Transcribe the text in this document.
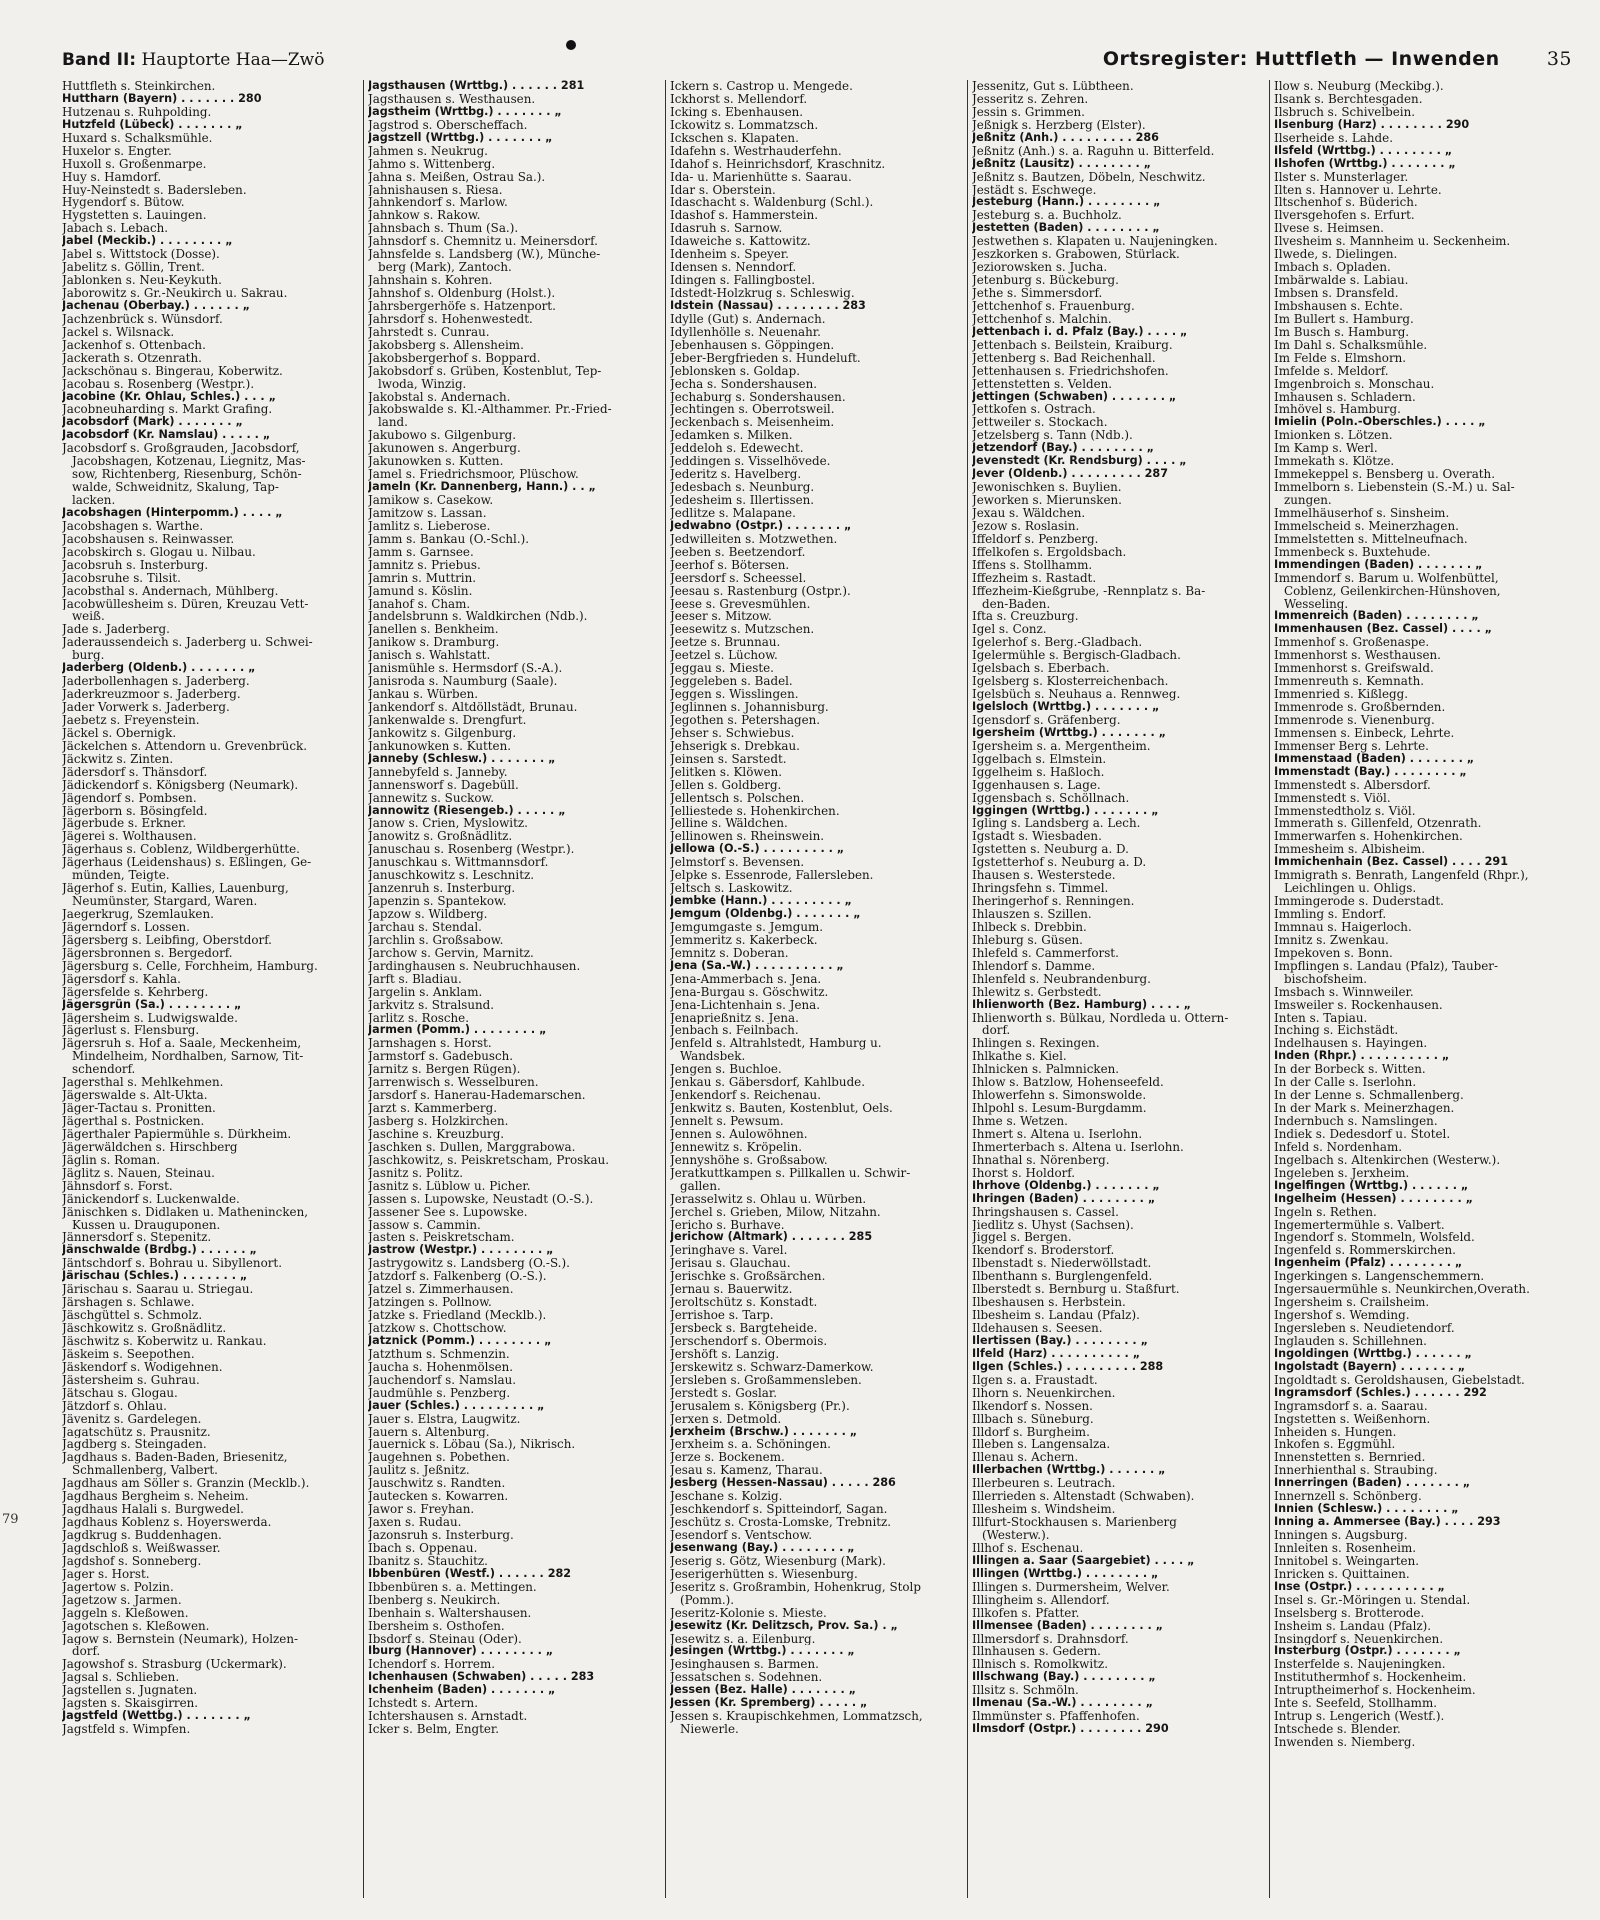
Band II: Hauptorte Haa—Zwö	Ortsregister: Huttfleth — Inwenden 35
79
Huttfleth s. Steinkirchen.
Huttharn (Bayern) . . . . . . . 280
Hutzenau s. Ruhpolding.
Hutzfeld (Lübeck) . . . . . . . „
Huxard s. Schalksmühle.
Huxelor s. Engter.
Huxoll s. Großenmarpe.
Huy s. Hamdorf.
Huy-Neinstedt s. Badersleben.
Hygendorf s. Bütow.
Hygstetten s. Lauingen.
Jabach s. Lebach.
Jabel (Meckib.) . . . . . . . . „
Jabel s. Wittstock (Dosse).
Jabelitz s. Göllin, Trent.
Jablonken s. Neu-Keykuth.
Jaborowitz s. Gr.-Neukirch u. Sakrau.
Jachenau (Oberbay.) . . . . . . „
Jachzenbrück s. Wünsdorf.
Jackel s. Wilsnack.
Jackenhof s. Ottenbach.
Jackerath s. Otzenrath.
Jackschönau s. Bingerau, Koberwitz.
Jacobau s. Rosenberg (Westpr.).
Jacobine (Kr. Ohlau, Schles.) . . . „
Jacobneuharding s. Markt Grafing.
Jacobsdorf (Mark) . . . . . . . „
Jacobsdorf (Kr. Namslau) . . . . . „
Jacobsdorf s. Großgrauden, Jacobsdorf,
Jacobshagen, Kotzenau, Liegnitz, Mas-
sow, Richtenberg, Riesenburg, Schön-
walde, Schweidnitz, Skalung, Tap-
lacken.
Jacobshagen (Hinterpomm.) . . . . „
Jacobshagen s. Warthe.
Jacobshausen s. Reinwasser.
Jacobskirch s. Glogau u. Nilbau.
Jacobsruh s. Insterburg.
Jacobsruhe s. Tilsit.
Jacobsthal s. Andernach, Mühlberg.
Jacobwüllesheim s. Düren, Kreuzau Vett-
weiß.
Jade s. Jaderberg.
Jaderaussendeich s. Jaderberg u. Schwei-
burg.
Jaderberg (Oldenb.) . . . . . . . „
Jaderbollenhagen s. Jaderberg.
Jaderkreuzmoor s. Jaderberg.
Jader Vorwerk s. Jaderberg.
Jaebetz s. Freyenstein.
Jäckel s. Obernigk.
Jäckelchen s. Attendorn u. Grevenbrück.
Jäckwitz s. Zinten.
Jädersdorf s. Thänsdorf.
Jädickendorf s. Königsberg (Neumark).
Jägendorf s. Pombsen.
Jägerborn s. Bösingfeld.
Jägerbude s. Erkner.
Jägerei s. Wolthausen.
Jägerhaus s. Coblenz, Wildbergerhütte.
Jägerhaus (Leidenshaus) s. Eßlingen, Ge-
münden, Teigte.
Jägerhof s. Eutin, Kallies, Lauenburg,
Neumünster, Stargard, Waren.
Jaegerkrug, Szemlauken.
Jägerndorf s. Lossen.
Jägersberg s. Leibfing, Oberstdorf.
Jägersbronnen s. Bergedorf.
Jägersburg s. Celle, Forchheim, Hamburg.
Jägersdorf s. Kahla.
Jägersfelde s. Kehrberg.
Jägersgrün (Sa.) . . . . . . . . „
Jägersheim s. Ludwigswalde.
Jägerlust s. Flensburg.
Jägersruh s. Hof a. Saale, Meckenheim,
Mindelheim, Nordhalben, Sarnow, Tit-
schendorf.
Jagersthal s. Mehlkehmen.
Jägerswalde s. Alt-Ukta.
Jäger-Tactau s. Pronitten.
Jägerthal s. Postnicken.
Jägerthaler Papiermühle s. Dürkheim.
Jägerwäldchen s. Hirschberg
Jäglin s. Roman.
Jäglitz s. Nauen, Steinau.
Jähnsdorf s. Forst.
Jänickendorf s. Luckenwalde.
Jänischken s. Didlaken u. Mathenincken,
Kussen u. Drauguponen.
Jännersdorf s. Stepenitz.
Jänschwalde (Brdbg.) . . . . . . „
Jäntschdorf s. Bohrau u. Sibyllenort.
Järischau (Schles.) . . . . . . . „
Järischau s. Saarau u. Striegau.
Järshagen s. Schlawe.
Jäschgüttel s. Schmolz.
Jäschkowitz s. Großnädlitz.
Jäschwitz s. Koberwitz u. Rankau.
Jäskeim s. Seepothen.
Jäskendorf s. Wodigehnen.
Jästersheim s. Guhrau.
Jätschau s. Glogau.
Jätzdorf s. Ohlau.
Jävenitz s. Gardelegen.
Jagatschütz s. Prausnitz.
Jagdberg s. Steingaden.
Jagdhaus s. Baden-Baden, Briesenitz,
Schmallenberg, Valbert.
Jagdhaus am Söller s. Granzin (Mecklb.).
Jagdhaus Bergheim s. Neheim.
Jagdhaus Halali s. Burgwedel.
Jagdhaus Koblenz s. Hoyerswerda.
Jagdkrug s. Buddenhagen.
Jagdschloß s. Weißwasser.
Jagdshof s. Sonneberg.
Jager s. Horst.
Jagertow s. Polzin.
Jagetzow s. Jarmen.
Jaggeln s. Kleßowen.
Jagotschen s. Kleßowen.
Jagow s. Bernstein (Neumark), Holzen-
dorf.
Jagowshof s. Strasburg (Uckermark).
Jagsal s. Schlieben.
Jagstellen s. Jugnaten.
Jagsten s. Skaisgirren.
Jagstfeld (Wettbg.) . . . . . . . „
Jagstfeld s. Wimpfen.
Jagsthausen (Wrttbg.) . . . . . . 281
Jagsthausen s. Westhausen.
Jagstheim (Wrttbg.) . . . . . . . „
Jagstrod s. Oberscheffach.
Jagstzell (Wrttbg.) . . . . . . . „
Jahmen s. Neukrug.
Jahmo s. Wittenberg.
Jahna s. Meißen, Ostrau Sa.).
Jahnishausen s. Riesa.
Jahnkendorf s. Marlow.
Jahnkow s. Rakow.
Jahnsbach s. Thum (Sa.).
Jahnsdorf s. Chemnitz u. Meinersdorf.
Jahnsfelde s. Landsberg (W.), Münche-
berg (Mark), Zantoch.
Jahnshain s. Kohren.
Jahnshof s. Oldenburg (Holst.).
Jahrsbergerhöfe s. Hatzenport.
Jahrsdorf s. Hohenwestedt.
Jahrstedt s. Cunrau.
Jakobsberg s. Allensheim.
Jakobsbergerhof s. Boppard.
Jakobsdorf s. Grüben, Kostenblut, Tep-
lwoda, Winzig.
Jakobstal s. Andernach.
Jakobswalde s. Kl.-Althammer. Pr.-Fried-
land.
Jakubowo s. Gilgenburg.
Jakunowen s. Angerburg.
Jakunowken s. Kutten.
Jamel s. Friedrichsmoor, Plüschow.
Jameln (Kr. Dannenberg, Hann.) . . „
Jamikow s. Casekow.
Jamitzow s. Lassan.
Jamlitz s. Lieberose.
Jamm s. Bankau (O.-Schl.).
Jamm s. Garnsee.
Jamnitz s. Priebus.
Jamrin s. Muttrin.
Jamund s. Köslin.
Janahof s. Cham.
Jandelsbrunn s. Waldkirchen (Ndb.).
Janellen s. Benkheim.
Janikow s. Dramburg.
Janisch s. Wahlstatt.
Janismühle s. Hermsdorf (S.-A.).
Janisroda s. Naumburg (Saale).
Jankau s. Würben.
Jankendorf s. Altdöllstädt, Brunau.
Jankenwalde s. Drengfurt.
Jankowitz s. Gilgenburg.
Jankunowken s. Kutten.
Janneby (Schlesw.) . . . . . . . „
Jannebyfeld s. Janneby.
Jannensworf s. Dagebüll.
Jannewitz s. Suckow.
Jannowitz (Riesengeb.) . . . . . „
Janow s. Crien, Myslowitz.
Janowitz s. Großnädlitz.
Januschau s. Rosenberg (Westpr.).
Januschkau s. Wittmannsdorf.
Januschkowitz s. Leschnitz.
Janzenruh s. Insterburg.
Japenzin s. Spantekow.
Japzow s. Wildberg.
Jarchau s. Stendal.
Jarchlin s. Großsabow.
Jarchow s. Gervin, Marnitz.
Jardinghausen s. Neubruchhausen.
Jarft s. Bladiau.
Jargelin s. Anklam.
Jarkvitz s. Stralsund.
Jarlitz s. Rosche.
Jarmen (Pomm.) . . . . . . . . „
Jarnshagen s. Horst.
Jarmstorf s. Gadebusch.
Jarnitz s. Bergen Rügen).
Jarrenwisch s. Wesselburen.
Jarsdorf s. Hanerau-Hademarschen.
Jarzt s. Kammerberg.
Jasberg s. Holzkirchen.
Jaschine s. Kreuzburg.
Jaschken s. Dullen, Marggrabowa.
Jaschkowitz, s. Peiskretscham, Proskau.
Jasnitz s. Politz.
Jasnitz s. Lüblow u. Picher.
Jassen s. Lupowske, Neustadt (O.-S.).
Jassener See s. Lupowske.
Jassow s. Cammin.
Jasten s. Peiskretscham.
Jastrow (Westpr.) . . . . . . . . „
Jastrygowitz s. Landsberg (O.-S.).
Jatzdorf s. Falkenberg (O.-S.).
Jatzel s. Zimmerhausen.
Jatzingen s. Pollnow.
Jatzke s. Friedland (Mecklb.).
Jatzkow s. Chottschow.
Jatznick (Pomm.) . . . . . . . . „
Jatzthum s. Schmenzin.
Jaucha s. Hohenmölsen.
Jauchendorf s. Namslau.
Jaudmühle s. Penzberg.
Jauer (Schles.) . . . . . . . . . „
Jauer s. Elstra, Laugwitz.
Jauern s. Altenburg.
Jauernick s. Löbau (Sa.), Nikrisch.
Jaugehnen s. Pobethen.
Jaulitz s. Jeßnitz.
Jauschwitz s. Randten.
Jautecken s. Kowarren.
Jawor s. Freyhan.
Jaxen s. Rudau.
Jazonsruh s. Insterburg.
Ibach s. Oppenau.
Ibanitz s. Stauchitz.
Ibbenbüren (Westf.) . . . . . . 282
Ibbenbüren s. a. Mettingen.
Ibenberg s. Neukirch.
Ibenhain s. Waltershausen.
Ibersheim s. Osthofen.
Ibsdorf s. Steinau (Oder).
Iburg (Hannover) . . . . . . . . „
Ichendorf s. Horrem.
Ichenhausen (Schwaben) . . . . . 283
Ichenheim (Baden) . . . . . . . „
Ichstedt s. Artern.
Ichtershausen s. Arnstadt.
Icker s. Belm, Engter.
Ickern s. Castrop u. Mengede.
Ickhorst s. Mellendorf.
Icking s. Ebenhausen.
Ickowitz s. Lommatzsch.
Ickschen s. Klapaten.
Idafehn s. Westrhauderfehn.
Idahof s. Heinrichsdorf, Kraschnitz.
Ida- u. Marienhütte s. Saarau.
Idar s. Oberstein.
Idaschacht s. Waldenburg (Schl.).
Idashof s. Hammerstein.
Idasruh s. Sarnow.
Idaweiche s. Kattowitz.
Idenheim s. Speyer.
Idensen s. Nenndorf.
Idingen s. Fallingbostel.
Idstedt-Holzkrug s. Schleswig.
Idstein (Nassau) . . . . . . . . 283
Idylle (Gut) s. Andernach.
Idyllenhölle s. Neuenahr.
Jebenhausen s. Göppingen.
Jeber-Bergfrieden s. Hundeluft.
Jeblonsken s. Goldap.
Jecha s. Sondershausen.
Jechaburg s. Sondershausen.
Jechtingen s. Oberrotsweil.
Jeckenbach s. Meisenheim.
Jedamken s. Milken.
Jeddeloh s. Edewecht.
Jeddingen s. Visselhövede.
Jederitz s. Havelberg.
Jedesbach s. Neunburg.
Jedesheim s. Illertissen.
Jedlitze s. Malapane.
Jedwabno (Ostpr.) . . . . . . . „
Jedwilleiten s. Motzwethen.
Jeeben s. Beetzendorf.
Jeerhof s. Bötersen.
Jeersdorf s. Scheessel.
Jeesau s. Rastenburg (Ostpr.).
Jeese s. Grevesmühlen.
Jeeser s. Mitzow.
Jeesewitz s. Mutzschen.
Jeetze s. Brunnau.
Jeetzel s. Lüchow.
Jeggau s. Mieste.
Jeggeleben s. Badel.
Jeggen s. Wisslingen.
Jeglinnen s. Johannisburg.
Jegothen s. Petershagen.
Jehser s. Schwiebus.
Jehserigk s. Drebkau.
Jeinsen s. Sarstedt.
Jelitken s. Klöwen.
Jellen s. Goldberg.
Jellentsch s. Polschen.
Jelliestede s. Hohenkirchen.
Jelline s. Wäldchen.
Jellinowen s. Rheinswein.
Jellowa (O.-S.) . . . . . . . . . „
Jelmstorf s. Bevensen.
Jelpke s. Essenrode, Fallersleben.
Jeltsch s. Laskowitz.
Jembke (Hann.) . . . . . . . . . „
Jemgum (Oldenbg.) . . . . . . . „
Jemgumgaste s. Jemgum.
Jemmeritz s. Kakerbeck.
Jemnitz s. Doberan.
Jena (Sa.-W.) . . . . . . . . . . „
Jena-Ammerbach s. Jena.
Jena-Burgau s. Göschwitz.
Jena-Lichtenhain s. Jena.
Jenaprießnitz s. Jena.
Jenbach s. Feilnbach.
Jenfeld s. Altrahlstedt, Hamburg u.
Wandsbek.
Jengen s. Buchloe.
Jenkau s. Gäbersdorf, Kahlbude.
Jenkendorf s. Reichenau.
Jenkwitz s. Bauten, Kostenblut, Oels.
Jennelt s. Pewsum.
Jennen s. Aulowöhnen.
Jennewitz s. Kröpelin.
Jennyshöhe s. Großsabow.
Jeratkuttkampen s. Pillkallen u. Schwir-
gallen.
Jerasselwitz s. Ohlau u. Würben.
Jerchel s. Grieben, Milow, Nitzahn.
Jericho s. Burhave.
Jerichow (Altmark) . . . . . . . 285
Jeringhave s. Varel.
Jerisau s. Glauchau.
Jerischke s. Großsärchen.
Jernau s. Bauerwitz.
Jeroltschütz s. Konstadt.
Jerrishoe s. Tarp.
Jersbeck s. Bargteheide.
Jerschendorf s. Obermois.
Jershöft s. Lanzig.
Jerskewitz s. Schwarz-Damerkow.
Jersleben s. Großammensleben.
Jerstedt s. Goslar.
Jerusalem s. Königsberg (Pr.).
Jerxen s. Detmold.
Jerxheim (Brschw.) . . . . . . . „
Jerxheim s. a. Schöningen.
Jerze s. Bockenem.
Jesau s. Kamenz, Tharau.
Jesberg (Hessen-Nassau) . . . . . 286
Jeschane s. Kolzig.
Jeschkendorf s. Spitteindorf, Sagan.
Jeschütz s. Crosta-Lomske, Trebnitz.
Jesendorf s. Ventschow.
Jesenwang (Bay.) . . . . . . . . „
Jeserig s. Götz, Wiesenburg (Mark).
Jeserigerhütten s. Wiesenburg.
Jeseritz s. Großrambin, Hohenkrug, Stolp
(Pomm.).
Jeseritz-Kolonie s. Mieste.
Jesewitz (Kr. Delitzsch, Prov. Sa.) . „
Jesewitz s. a. Eilenburg.
Jesingen (Wrttbg.) . . . . . . . „
Jesinghausen s. Barmen.
Jessatschen s. Sodehnen.
Jessen (Bez. Halle) . . . . . . . „
Jessen (Kr. Spremberg) . . . . . „
Jessen s. Kraupischkehmen, Lommatzsch,
Niewerle.
Jessenitz, Gut s. Lübtheen.
Jesseritz s. Zehren.
Jessin s. Grimmen.
Jeßnigk s. Herzberg (Elster).
Jeßnitz (Anh.) . . . . . . . . . 286
Jeßnitz (Anh.) s. a. Raguhn u. Bitterfeld.
Jeßnitz (Lausitz) . . . . . . . . „
Jeßnitz s. Bautzen, Döbeln, Neschwitz.
Jestädt s. Eschwege.
Jesteburg (Hann.) . . . . . . . . „
Jesteburg s. a. Buchholz.
Jestetten (Baden) . . . . . . . . „
Jestwethen s. Klapaten u. Naujeningken.
Jeszkorken s. Grabowen, Stürlack.
Jeziorowsken s. Jucha.
Jetenburg s. Bückeburg.
Jethe s. Simmersdorf.
Jettchenhof s. Frauenburg.
Jettchenhof s. Malchin.
Jettenbach i. d. Pfalz (Bay.) . . . . „
Jettenbach s. Beilstein, Kraiburg.
Jettenberg s. Bad Reichenhall.
Jettenhausen s. Friedrichshofen.
Jettenstetten s. Velden.
Jettingen (Schwaben) . . . . . . . „
Jettkofen s. Ostrach.
Jettweiler s. Stockach.
Jetzelsberg s. Tann (Ndb.).
Jetzendorf (Bay.) . . . . . . . . „
Jevenstedt (Kr. Rendsburg) . . . . „
Jever (Oldenb.) . . . . . . . . . 287
Jewonischken s. Buylien.
Jeworken s. Mierunsken.
Jexau s. Wäldchen.
Jezow s. Roslasin.
Iffeldorf s. Penzberg.
Iffelkofen s. Ergoldsbach.
Iffens s. Stollhamm.
Iffezheim s. Rastadt.
Iffezheim-Kießgrube, -Rennplatz s. Ba-
den-Baden.
Ifta s. Creuzburg.
Igel s. Conz.
Igelerhof s. Berg.-Gladbach.
Igelermühle s. Bergisch-Gladbach.
Igelsbach s. Eberbach.
Igelsberg s. Klosterreichenbach.
Igelsbüch s. Neuhaus a. Rennweg.
Igelsloch (Wrttbg.) . . . . . . . „
Igensdorf s. Gräfenberg.
Igersheim (Wrttbg.) . . . . . . . „
Igersheim s. a. Mergentheim.
Iggelbach s. Elmstein.
Iggelheim s. Haßloch.
Iggenhausen s. Lage.
Iggensbach s. Schöllnach.
Iggingen (Wrttbg.) . . . . . . . „
Igling s. Landsberg a. Lech.
Igstadt s. Wiesbaden.
Igstetten s. Neuburg a. D.
Igstetterhof s. Neuburg a. D.
Ihausen s. Westerstede.
Ihringsfehn s. Timmel.
Iheringerhof s. Renningen.
Ihlauszen s. Szillen.
Ihlbeck s. Drebbin.
Ihleburg s. Güsen.
Ihlefeld s. Cammerforst.
Ihlendorf s. Damme.
Ihlenfeld s. Neubrandenburg.
Ihlewitz s. Gerbstedt.
Ihlienworth (Bez. Hamburg) . . . . „
Ihlienworth s. Bülkau, Nordleda u. Ottern-
dorf.
Ihlingen s. Rexingen.
Ihlkathe s. Kiel.
Ihlnicken s. Palmnicken.
Ihlow s. Batzlow, Hohenseefeld.
Ihlowerfehn s. Simonswolde.
Ihlpohl s. Lesum-Burgdamm.
Ihme s. Wetzen.
Ihmert s. Altena u. Iserlohn.
Ihmerterbach s. Altena u. Iserlohn.
Ihnathal s. Nörenberg.
Ihorst s. Holdorf.
Ihrhove (Oldenbg.) . . . . . . . „
Ihringen (Baden) . . . . . . . . „
Ihringshausen s. Cassel.
Jiedlitz s. Uhyst (Sachsen).
Jiggel s. Bergen.
Ikendorf s. Broderstorf.
Ilbenstadt s. Niederwöllstadt.
Ilbenthann s. Burglengenfeld.
Ilberstedt s. Bernburg u. Staßfurt.
Ilbeshausen s. Herbstein.
Ilbesheim s. Landau (Pfalz).
Ildehausen s. Seesen.
Ilertissen (Bay.) . . . . . . . . „
Ilfeld (Harz) . . . . . . . . . . „
Ilgen (Schles.) . . . . . . . . . 288
Ilgen s. a. Fraustadt.
Ilhorn s. Neuenkirchen.
Ilkendorf s. Nossen.
Illbach s. Süneburg.
Illdorf s. Burgheim.
Illeben s. Langensalza.
Illenau s. Achern.
Illerbachen (Wrttbg.) . . . . . . „
Illerbeuren s. Leutrach.
Illerrieden s. Altenstadt (Schwaben).
Illesheim s. Windsheim.
Illfurt-Stockhausen s. Marienberg
(Westerw.).
Illhof s. Eschenau.
Illingen a. Saar (Saargebiet) . . . . „
Illingen (Wrttbg.) . . . . . . . . „
Illingen s. Durmersheim, Welver.
Illingheim s. Allendorf.
Illkofen s. Pfatter.
Illmensee (Baden) . . . . . . . . „
Illmersdorf s. Drahnsdorf.
Illnhausen s. Gedern.
Illnisch s. Romolkwitz.
Illschwang (Bay.) . . . . . . . . „
Illsitz s. Schmöln.
Ilmenau (Sa.-W.) . . . . . . . . „
Ilmmünster s. Pfaffenhofen.
Ilmsdorf (Ostpr.) . . . . . . . . 290
Ilow s. Neuburg (Meckibg.).
Ilsank s. Berchtesgaden.
Ilsbruch s. Schivelbein.
Ilsenburg (Harz) . . . . . . . . 290
Ilserheide s. Lahde.
Ilsfeld (Wrttbg.) . . . . . . . . „
Ilshofen (Wrttbg.) . . . . . . . „
Ilster s. Munsterlager.
Ilten s. Hannover u. Lehrte.
Iltschenhof s. Büderich.
Ilversgehofen s. Erfurt.
Ilvese s. Heimsen.
Ilvesheim s. Mannheim u. Seckenheim.
Ilwede, s. Dielingen.
Imbach s. Opladen.
Imbärwalde s. Labiau.
Imbsen s. Dransfeld.
Imbshausen s. Echte.
Im Bullert s. Hamburg.
Im Busch s. Hamburg.
Im Dahl s. Schalksmühle.
Im Felde s. Elmshorn.
Imfelde s. Meldorf.
Imgenbroich s. Monschau.
Imhausen s. Schladern.
Imhövel s. Hamburg.
Imielin (Poln.-Oberschles.) . . . . „
Imionken s. Lötzen.
Im Kamp s. Werl.
Immekath s. Klötze.
Immekeppel s. Bensberg u. Overath.
Immelborn s. Liebenstein (S.-M.) u. Sal-
zungen.
Immelhäuserhof s. Sinsheim.
Immelscheid s. Meinerzhagen.
Immelstetten s. Mittelneufnach.
Immenbeck s. Buxtehude.
Immendingen (Baden) . . . . . . . „
Immendorf s. Barum u. Wolfenbüttel,
Coblenz, Geilenkirchen-Hünshoven,
Wesseling.
Immenreich (Baden) . . . . . . . . „
Immenhausen (Bez. Cassel) . . . . „
Immenhof s. Großenaspe.
Immenhorst s. Westhausen.
Immenhorst s. Greifswald.
Immenreuth s. Kemnath.
Immenried s. Kißlegg.
Immenrode s. Großbernden.
Immenrode s. Vienenburg.
Immensen s. Einbeck, Lehrte.
Immenser Berg s. Lehrte.
Immenstaad (Baden) . . . . . . . „
Immenstadt (Bay.) . . . . . . . . „
Immenstedt s. Albersdorf.
Immenstedt s. Viöl.
Immenstedtholz s. Viöl.
Immerath s. Gillenfeld, Otzenrath.
Immerwarfen s. Hohenkirchen.
Immesheim s. Albisheim.
Immichenhain (Bez. Cassel) . . . . 291
Immigrath s. Benrath, Langenfeld (Rhpr.),
Leichlingen u. Ohligs.
Immingerode s. Duderstadt.
Immling s. Endorf.
Immnau s. Haigerloch.
Imnitz s. Zwenkau.
Impekoven s. Bonn.
Impflingen s. Landau (Pfalz), Tauber-
bischofsheim.
Imsbach s. Winnweiler.
Imsweiler s. Rockenhausen.
Inten s. Tapiau.
Inching s. Eichstädt.
Indelhausen s. Hayingen.
Inden (Rhpr.) . . . . . . . . . . „
In der Borbeck s. Witten.
In der Calle s. Iserlohn.
In der Lenne s. Schmallenberg.
In der Mark s. Meinerzhagen.
Indernbuch s. Namslingen.
Indiek s. Dedesdorf u. Stotel.
Infeld s. Nordenham.
Ingelbach s. Altenkirchen (Westerw.).
Ingeleben s. Jerxheim.
Ingelfingen (Wrttbg.) . . . . . . „
Ingelheim (Hessen) . . . . . . . . „
Ingeln s. Rethen.
Ingemertermühle s. Valbert.
Ingendorf s. Stommeln, Wolsfeld.
Ingenfeld s. Rommerskirchen.
Ingenheim (Pfalz) . . . . . . . . „
Ingerkingen s. Langenschemmern.
Ingersauermühle s. Neunkirchen,Overath.
Ingersheim s. Crailsheim.
Ingershof s. Wemding.
Ingersleben s. Neudietendorf.
Inglauden s. Schillehnen.
Ingoldingen (Wrttbg.) . . . . . . „
Ingolstadt (Bayern) . . . . . . . „
Ingoldtadt s. Geroldshausen, Giebelstadt.
Ingramsdorf (Schles.) . . . . . . 292
Ingramsdorf s. a. Saarau.
Ingstetten s. Weißenhorn.
Inheiden s. Hungen.
Inkofen s. Eggmühl.
Innenstetten s. Bernried.
Innerhienthal s. Straubing.
Innerringen (Baden) . . . . . . . „
Innernzell s. Schönberg.
Innien (Schlesw.) . . . . . . . . „
Inning a. Ammersee (Bay.) . . . . 293
Inningen s. Augsburg.
Innleiten s. Rosenheim.
Innitobel s. Weingarten.
Inricken s. Quittainen.
Inse (Ostpr.) . . . . . . . . . . „
Insel s. Gr.-Möringen u. Stendal.
Inselsberg s. Brotterode.
Insheim s. Landau (Pfalz).
Insingdorf s. Neuenkirchen.
Insterburg (Ostpr.) . . . . . . . „
Insterfelde s. Naujeningken.
Instituthermhof s. Hockenheim.
Intruptheimerhof s. Hockenheim.
Inte s. Seefeld, Stollhamm.
Intrup s. Lengerich (Westf.).
Intschede s. Blender.
Inwenden s. Niemberg.
